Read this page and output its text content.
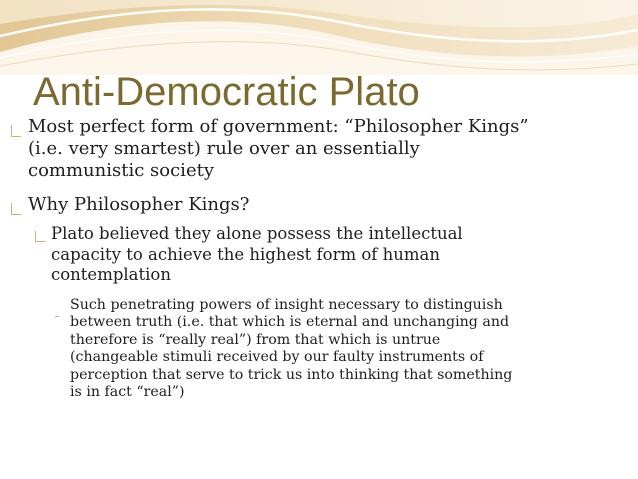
Anti-Democratic Plato
Most perfect form of government: “Philosopher Kings”
(i.e. very smartest) rule over an essentially
communistic society
Why Philosopher Kings?
Plato believed they alone possess the intellectual
capacity to achieve the highest form of human
contemplation
Such penetrating powers of insight necessary to distinguish
between truth (i.e. that which is eternal and unchanging and
therefore is “really real”) from that which is untrue
(changeable stimuli received by our faulty instruments of
perception that serve to trick us into thinking that something
is in fact “real”)
